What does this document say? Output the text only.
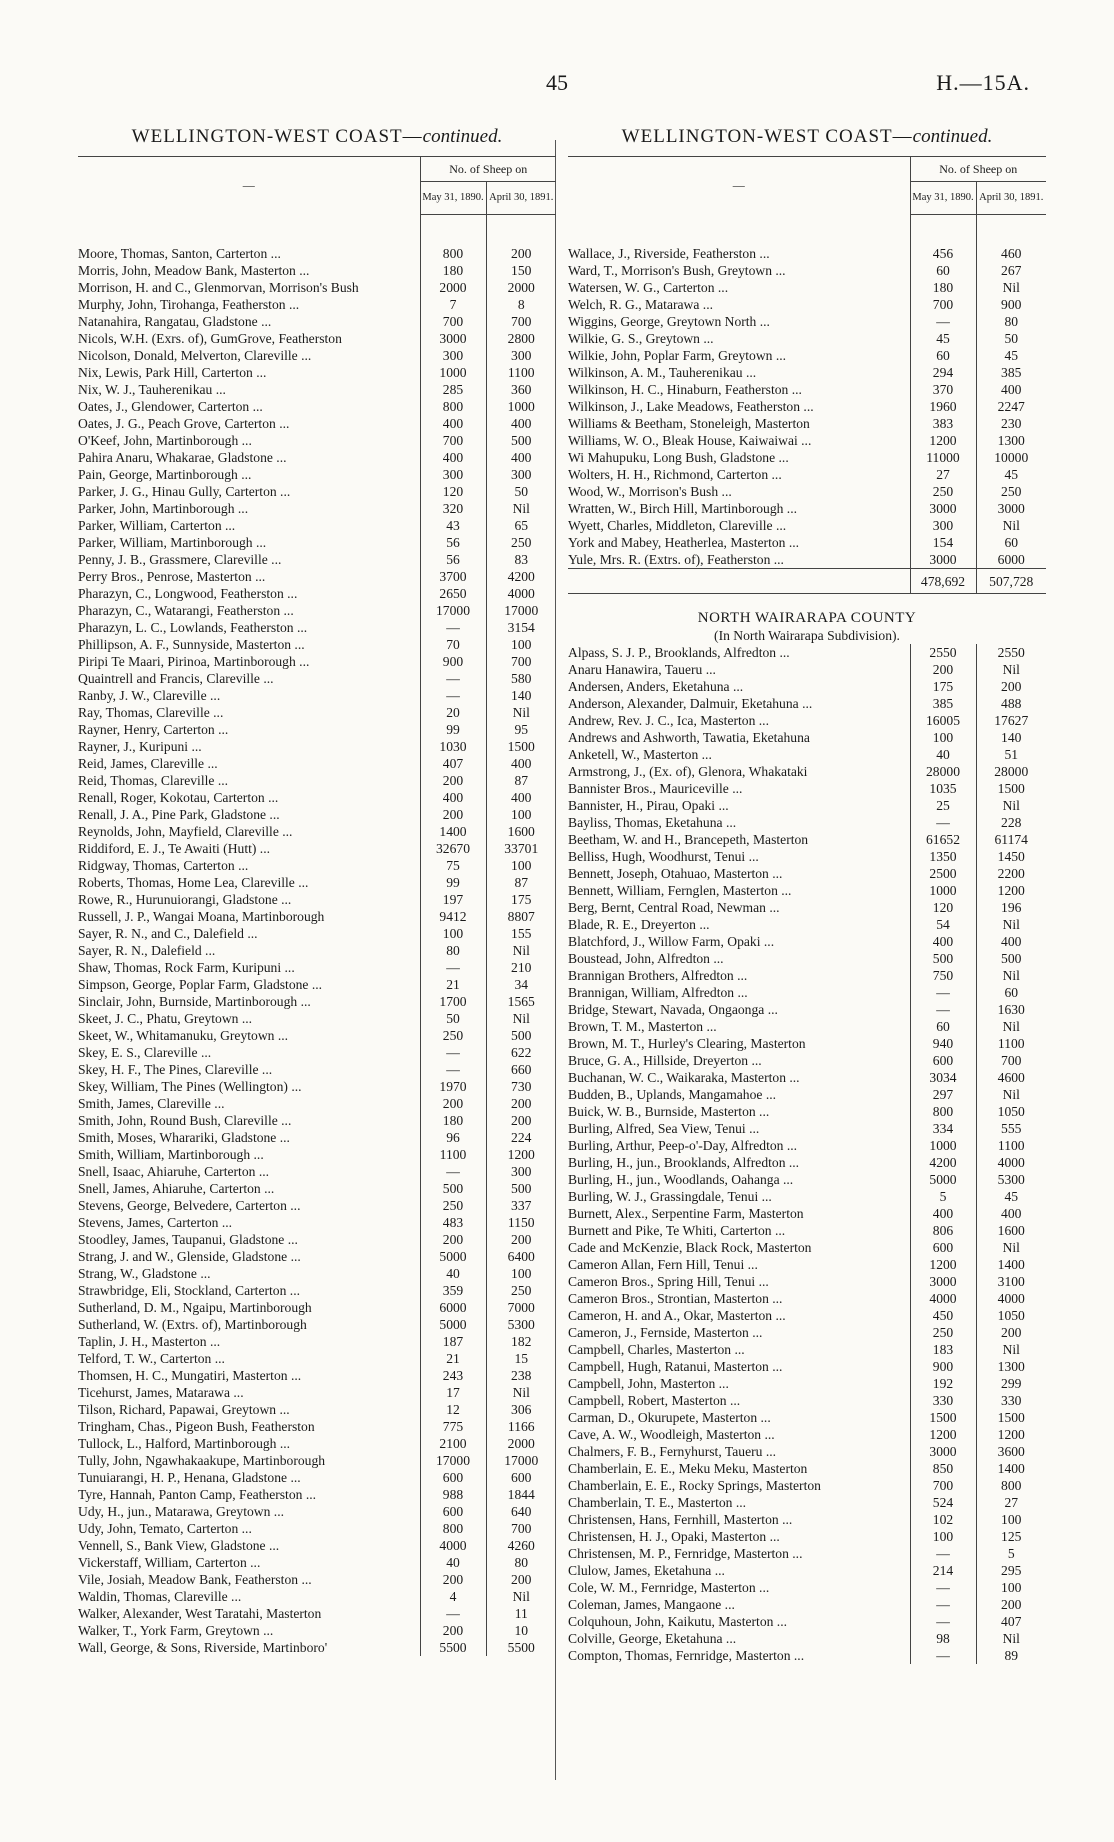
45	H.—15A.
WELLINGTON-WEST COAST—continued.
—	No. of Sheep on	
	May 31, 1890.	April 30, 1891.

Moore, Thomas, Santon, Carterton ...	800	200
Morris, John, Meadow Bank, Masterton ...	180	150
Morrison, H. and C., Glenmorvan, Morrison's Bush	2000	2000
Murphy, John, Tirohanga, Featherston ...	7	8
Natanahira, Rangatau, Gladstone ...	700	700
Nicols, W.H. (Exrs. of), GumGrove, Featherston	3000	2800
Nicolson, Donald, Melverton, Clareville ...	300	300
Nix, Lewis, Park Hill, Carterton ...	1000	1100
Nix, W. J., Tauherenikau ...	285	360
Oates, J., Glendower, Carterton ...	800	1000
Oates, J. G., Peach Grove, Carterton ...	400	400
O'Keef, John, Martinborough ...	700	500
Pahira Anaru, Whakarae, Gladstone ...	400	400
Pain, George, Martinborough ...	300	300
Parker, J. G., Hinau Gully, Carterton ...	120	50
Parker, John, Martinborough ...	320	Nil
Parker, William, Carterton ...	43	65
Parker, William, Martinborough ...	56	250
Penny, J. B., Grassmere, Clareville ...	56	83
Perry Bros., Penrose, Masterton ...	3700	4200
Pharazyn, C., Longwood, Featherston ...	2650	4000
Pharazyn, C., Watarangi, Featherston ...	17000	17000
Pharazyn, L. C., Lowlands, Featherston ...	—	3154
Phillipson, A. F., Sunnyside, Masterton ...	70	100
Piripi Te Maari, Pirinoa, Martinborough ...	900	700
Quaintrell and Francis, Clareville ...	—	580
Ranby, J. W., Clareville ...	—	140
Ray, Thomas, Clareville ...	20	Nil
Rayner, Henry, Carterton ...	99	95
Rayner, J., Kuripuni ...	1030	1500
Reid, James, Clareville ...	407	400
Reid, Thomas, Clareville ...	200	87
Renall, Roger, Kokotau, Carterton ...	400	400
Renall, J. A., Pine Park, Gladstone ...	200	100
Reynolds, John, Mayfield, Clareville ...	1400	1600
Riddiford, E. J., Te Awaiti (Hutt) ...	32670	33701
Ridgway, Thomas, Carterton ...	75	100
Roberts, Thomas, Home Lea, Clareville ...	99	87
Rowe, R., Hurunuiorangi, Gladstone ...	197	175
Russell, J. P., Wangai Moana, Martinborough	9412	8807
Sayer, R. N., and C., Dalefield ...	100	155
Sayer, R. N., Dalefield ...	80	Nil
Shaw, Thomas, Rock Farm, Kuripuni ...	—	210
Simpson, George, Poplar Farm, Gladstone ...	21	34
Sinclair, John, Burnside, Martinborough ...	1700	1565
Skeet, J. C., Phatu, Greytown ...	50	Nil
Skeet, W., Whitamanuku, Greytown ...	250	500
Skey, E. S., Clareville ...	—	622
Skey, H. F., The Pines, Clareville ...	—	660
Skey, William, The Pines (Wellington) ...	1970	730
Smith, James, Clareville ...	200	200
Smith, John, Round Bush, Clareville ...	180	200
Smith, Moses, Wharariki, Gladstone ...	96	224
Smith, William, Martinborough ...	1100	1200
Snell, Isaac, Ahiaruhe, Carterton ...	—	300
Snell, James, Ahiaruhe, Carterton ...	500	500
Stevens, George, Belvedere, Carterton ...	250	337
Stevens, James, Carterton ...	483	1150
Stoodley, James, Taupanui, Gladstone ...	200	200
Strang, J. and W., Glenside, Gladstone ...	5000	6400
Strang, W., Gladstone ...	40	100
Strawbridge, Eli, Stockland, Carterton ...	359	250
Sutherland, D. M., Ngaipu, Martinborough	6000	7000
Sutherland, W. (Extrs. of), Martinborough	5000	5300
Taplin, J. H., Masterton ...	187	182
Telford, T. W., Carterton ...	21	15
Thomsen, H. C., Mungatiri, Masterton ...	243	238
Ticehurst, James, Matarawa ...	17	Nil
Tilson, Richard, Papawai, Greytown ...	12	306
Tringham, Chas., Pigeon Bush, Featherston	775	1166
Tullock, L., Halford, Martinborough ...	2100	2000
Tully, John, Ngawhakaakupe, Martinborough	17000	17000
Tunuiarangi, H. P., Henana, Gladstone ...	600	600
Tyre, Hannah, Panton Camp, Featherston ...	988	1844
Udy, H., jun., Matarawa, Greytown ...	600	640
Udy, John, Temato, Carterton ...	800	700
Vennell, S., Bank View, Gladstone ...	4000	4260
Vickerstaff, William, Carterton ...	40	80
Vile, Josiah, Meadow Bank, Featherston ...	200	200
Waldin, Thomas, Clareville ...	4	Nil
Walker, Alexander, West Taratahi, Masterton	—	11
Walker, T., York Farm, Greytown ...	200	10
Wall, George, & Sons, Riverside, Martinboro'	5500	5500
WELLINGTON-WEST COAST—continued.
—	No. of Sheep on	
	May 31, 1890.	April 30, 1891.

Wallace, J., Riverside, Featherston ...	456	460
Ward, T., Morrison's Bush, Greytown ...	60	267
Watersen, W. G., Carterton ...	180	Nil
Welch, R. G., Matarawa ...	700	900
Wiggins, George, Greytown North ...	—	80
Wilkie, G. S., Greytown ...	45	50
Wilkie, John, Poplar Farm, Greytown ...	60	45
Wilkinson, A. M., Tauherenikau ...	294	385
Wilkinson, H. C., Hinaburn, Featherston ...	370	400
Wilkinson, J., Lake Meadows, Featherston ...	1960	2247
Williams & Beetham, Stoneleigh, Masterton	383	230
Williams, W. O., Bleak House, Kaiwaiwai ...	1200	1300
Wi Mahupuku, Long Bush, Gladstone ...	11000	10000
Wolters, H. H., Richmond, Carterton ...	27	45
Wood, W., Morrison's Bush ...	250	250
Wratten, W., Birch Hill, Martinborough ...	3000	3000
Wyett, Charles, Middleton, Clareville ...	300	Nil
York and Mabey, Heatherlea, Masterton ...	154	60
Yule, Mrs. R. (Extrs. of), Featherston ...	3000	6000
	478,692	507,728
NORTH WAIRARAPA COUNTY		
(In North Wairarapa Subdivision).		
Alpass, S. J. P., Brooklands, Alfredton ...	2550	2550
Anaru Hanawira, Taueru ...	200	Nil
Andersen, Anders, Eketahuna ...	175	200
Anderson, Alexander, Dalmuir, Eketahuna ...	385	488
Andrew, Rev. J. C., Ica, Masterton ...	16005	17627
Andrews and Ashworth, Tawatia, Eketahuna	100	140
Anketell, W., Masterton ...	40	51
Armstrong, J., (Ex. of), Glenora, Whakataki	28000	28000
Bannister Bros., Mauriceville ...	1035	1500
Bannister, H., Pirau, Opaki ...	25	Nil
Bayliss, Thomas, Eketahuna ...	—	228
Beetham, W. and H., Brancepeth, Masterton	61652	61174
Belliss, Hugh, Woodhurst, Tenui ...	1350	1450
Bennett, Joseph, Otahuao, Masterton ...	2500	2200
Bennett, William, Fernglen, Masterton ...	1000	1200
Berg, Bernt, Central Road, Newman ...	120	196
Blade, R. E., Dreyerton ...	54	Nil
Blatchford, J., Willow Farm, Opaki ...	400	400
Boustead, John, Alfredton ...	500	500
Brannigan Brothers, Alfredton ...	750	Nil
Brannigan, William, Alfredton ...	—	60
Bridge, Stewart, Navada, Ongaonga ...	—	1630
Brown, T. M., Masterton ...	60	Nil
Brown, M. T., Hurley's Clearing, Masterton	940	1100
Bruce, G. A., Hillside, Dreyerton ...	600	700
Buchanan, W. C., Waikaraka, Masterton ...	3034	4600
Budden, B., Uplands, Mangamahoe ...	297	Nil
Buick, W. B., Burnside, Masterton ...	800	1050
Burling, Alfred, Sea View, Tenui ...	334	555
Burling, Arthur, Peep-o'-Day, Alfredton ...	1000	1100
Burling, H., jun., Brooklands, Alfredton ...	4200	4000
Burling, H., jun., Woodlands, Oahanga ...	5000	5300
Burling, W. J., Grassingdale, Tenui ...	5	45
Burnett, Alex., Serpentine Farm, Masterton	400	400
Burnett and Pike, Te Whiti, Carterton ...	806	1600
Cade and McKenzie, Black Rock, Masterton	600	Nil
Cameron Allan, Fern Hill, Tenui ...	1200	1400
Cameron Bros., Spring Hill, Tenui ...	3000	3100
Cameron Bros., Strontian, Masterton ...	4000	4000
Cameron, H. and A., Okar, Masterton ...	450	1050
Cameron, J., Fernside, Masterton ...	250	200
Campbell, Charles, Masterton ...	183	Nil
Campbell, Hugh, Ratanui, Masterton ...	900	1300
Campbell, John, Masterton ...	192	299
Campbell, Robert, Masterton ...	330	330
Carman, D., Okurupete, Masterton ...	1500	1500
Cave, A. W., Woodleigh, Masterton ...	1200	1200
Chalmers, F. B., Fernyhurst, Taueru ...	3000	3600
Chamberlain, E. E., Meku Meku, Masterton	850	1400
Chamberlain, E. E., Rocky Springs, Masterton	700	800
Chamberlain, T. E., Masterton ...	524	27
Christensen, Hans, Fernhill, Masterton ...	102	100
Christensen, H. J., Opaki, Masterton ...	100	125
Christensen, M. P., Fernridge, Masterton ...	—	5
Clulow, James, Eketahuna ...	214	295
Cole, W. M., Fernridge, Masterton ...	—	100
Coleman, James, Mangaone ...	—	200
Colquhoun, John, Kaikutu, Masterton ...	—	407
Colville, George, Eketahuna ...	98	Nil
Compton, Thomas, Fernridge, Masterton ...	—	89
